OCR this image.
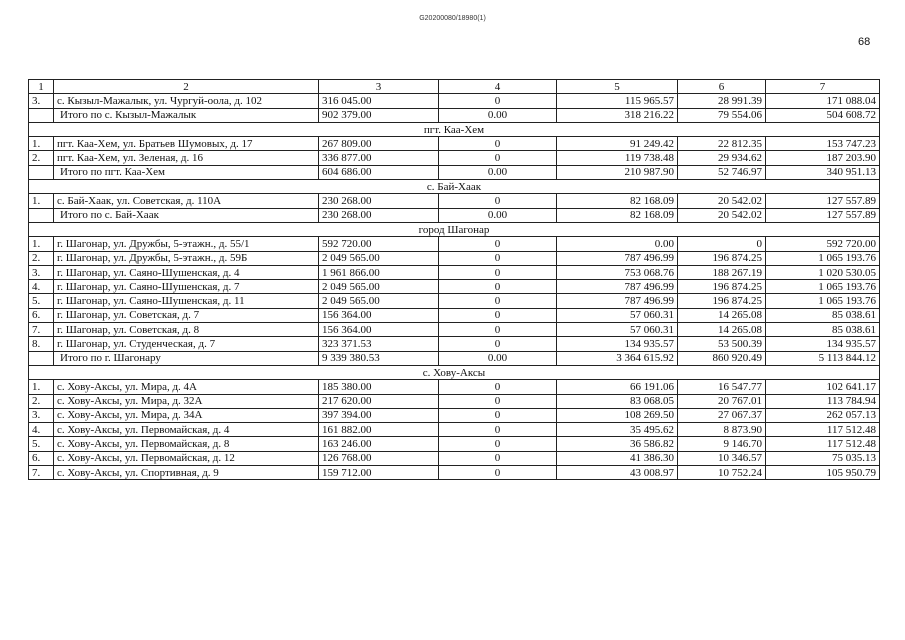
G20200080/18980(1)
68
1	2	3	4	5	6	7
3.	с. Кызыл-Мажалык, ул. Чургуй-оола, д. 102	316 045.00	0	115 965.57	28 991.39	171 088.04
	Итого по с. Кызыл-Мажалык	902 379.00	0.00	318 216.22	79 554.06	504 608.72
пгт. Каа-Хем						
1.	пгт. Каа-Хем, ул. Братьев Шумовых, д. 17	267 809.00	0	91 249.42	22 812.35	153 747.23
2.	пгт. Каа-Хем, ул. Зеленая, д. 16	336 877.00	0	119 738.48	29 934.62	187 203.90
	Итого по пгт. Каа-Хем	604 686.00	0.00	210 987.90	52 746.97	340 951.13
с. Бай-Хаак						
1.	с. Бай-Хаак, ул. Советская, д. 110А	230 268.00	0	82 168.09	20 542.02	127 557.89
	Итого по с. Бай-Хаак	230 268.00	0.00	82 168.09	20 542.02	127 557.89
город Шагонар						
1.	г. Шагонар, ул. Дружбы, 5-этажн., д. 55/1	592 720.00	0	0.00	0	592 720.00
2.	г. Шагонар, ул. Дружбы, 5-этажн., д. 59Б	2 049 565.00	0	787 496.99	196 874.25	1 065 193.76
3.	г. Шагонар, ул. Саяно-Шушенская, д. 4	1 961 866.00	0	753 068.76	188 267.19	1 020 530.05
4.	г. Шагонар, ул. Саяно-Шушенская, д. 7	2 049 565.00	0	787 496.99	196 874.25	1 065 193.76
5.	г. Шагонар, ул. Саяно-Шушенская, д. 11	2 049 565.00	0	787 496.99	196 874.25	1 065 193.76
6.	г. Шагонар, ул. Советская, д. 7	156 364.00	0	57 060.31	14 265.08	85 038.61
7.	г. Шагонар, ул. Советская, д. 8	156 364.00	0	57 060.31	14 265.08	85 038.61
8.	г. Шагонар, ул. Студенческая, д. 7	323 371.53	0	134 935.57	53 500.39	134 935.57
	Итого по г. Шагонару	9 339 380.53	0.00	3 364 615.92	860 920.49	5 113 844.12
с. Хову-Аксы						
1.	с. Хову-Аксы, ул. Мира, д. 4А	185 380.00	0	66 191.06	16 547.77	102 641.17
2.	с. Хову-Аксы, ул. Мира, д. 32А	217 620.00	0	83 068.05	20 767.01	113 784.94
3.	с. Хову-Аксы, ул. Мира, д. 34А	397 394.00	0	108 269.50	27 067.37	262 057.13
4.	с. Хову-Аксы, ул. Первомайская, д. 4	161 882.00	0	35 495.62	8 873.90	117 512.48
5.	с. Хову-Аксы, ул. Первомайская, д. 8	163 246.00	0	36 586.82	9 146.70	117 512.48
6.	с. Хову-Аксы, ул. Первомайская, д. 12	126 768.00	0	41 386.30	10 346.57	75 035.13
7.	с. Хову-Аксы, ул. Спортивная, д. 9	159 712.00	0	43 008.97	10 752.24	105 950.79
